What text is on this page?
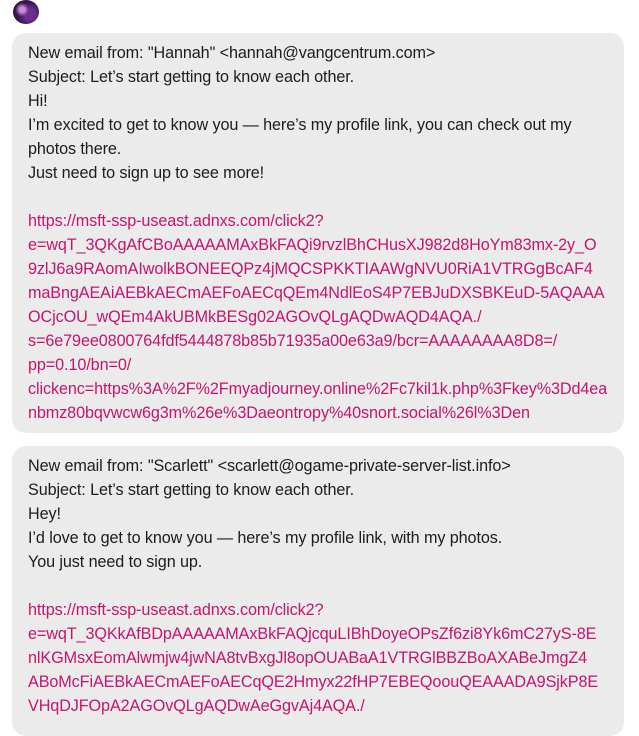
New email from: "Hannah" <hannah@vangcentrum.com>
Subject: Let’s start getting to know each other.
Hi!
I’m excited to get to know you — here’s my profile link, you can check out my
photos there.
Just need to sign up to see more!
https://msft-ssp-useast.adnxs.com/click2?
e=wqT_3QKgAfCBoAAAAAMAxBkFAQi9rvzlBhCHusXJ982d8HoYm83mx-2y_O
9zlJ6a9RAomAIwolkBONEEQPz4jMQCSPKKTIAAWgNVU0RiA1VTRGgBcAF4
maBngAEAiAEBkAECmAEFoAECqQEm4NdlEoS4P7EBJuDXSBKEuD-5AQAAA
OCjcOU_wQEm4AkUBMkBESg02AGOvQLgAQDwAQD4AQA./
s=6e79ee0800764fdf5444878b85b71935a00e63a9/bcr=AAAAAAAA8D8=/
pp=0.10/bn=0/
clickenc=https%3A%2F%2Fmyadjourney.online%2Fc7kil1k.php%3Fkey%3Dd4ea
nbmz80bqvwcw6g3m%26e%3Daeontropy%40snort.social%26l%3Den
New email from: "Scarlett" <scarlett@ogame-private-server-list.info>
Subject: Let’s start getting to know each other.
Hey!
I’d love to get to know you — here’s my profile link, with my photos.
You just need to sign up.
https://msft-ssp-useast.adnxs.com/click2?
e=wqT_3QKkAfBDpAAAAAMAxBkFAQjcquLIBhDoyeOPsZf6zi8Yk6mC27yS-8E
nlKGMsxEomAlwmjw4jwNA8tvBxgJl8opOUABaA1VTRGlBBZBoAXABeJmgZ4
ABoMcFiAEBkAECmAEFoAECqQE2Hmyx22fHP7EBEQoouQEAAADA9SjkP8E
VHqDJFOpA2AGOvQLgAQDwAeGgvAj4AQA./
